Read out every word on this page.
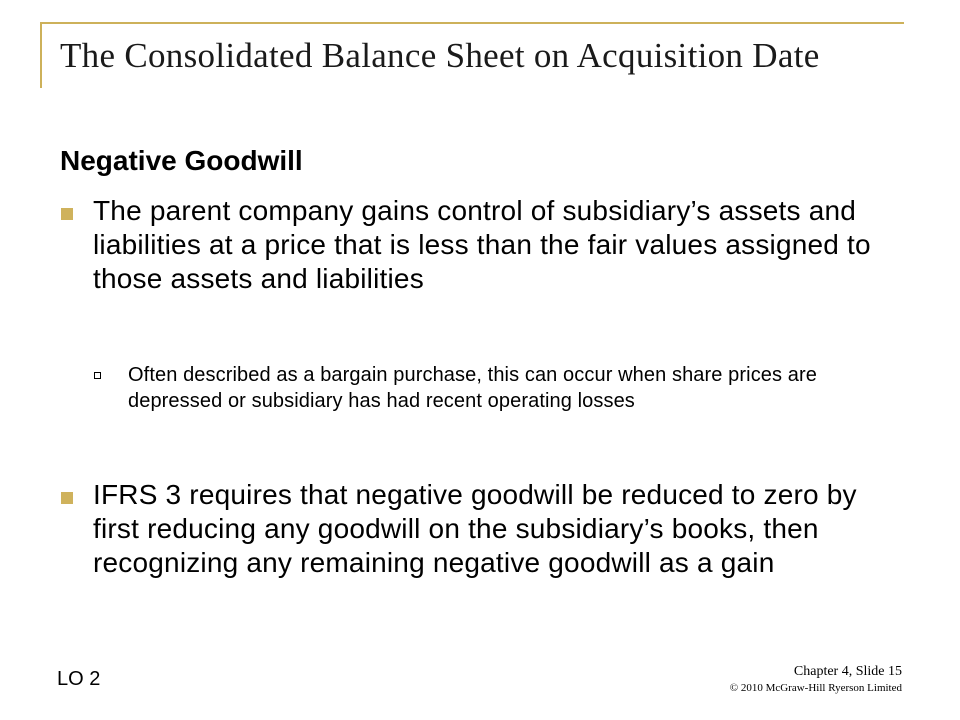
The Consolidated Balance Sheet on Acquisition Date
Negative Goodwill
The parent company gains control of subsidiary’s assets and liabilities at a price that is less than the fair values assigned to those assets and liabilities
Often described as a bargain purchase, this can occur when share prices are depressed or subsidiary has had recent operating losses
IFRS 3 requires that negative goodwill be reduced to zero by first reducing any goodwill on the subsidiary’s books, then recognizing any remaining negative goodwill as a gain
LO 2	Chapter 4, Slide 15
© 2010 McGraw-Hill Ryerson Limited
